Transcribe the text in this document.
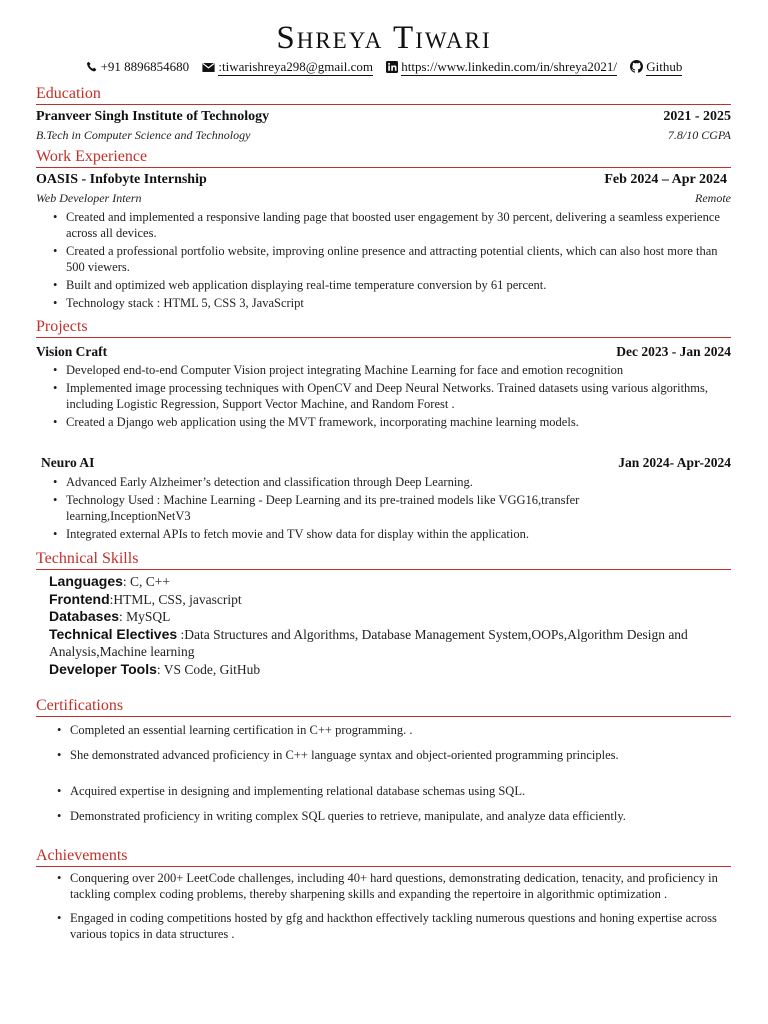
Shreya Tiwari
+91 8896854680 :tiwarishreya298@gmail.com https://www.linkedin.com/in/shreya2021/ Github
Education
Pranveer Singh Institute of Technology	2021 - 2025
B.Tech in Computer Science and Technology	7.8/10 CGPA
Work Experience
OASIS - Infobyte Internship	Feb 2024 – Apr 2024
Web Developer Intern	Remote
• Created and implemented a responsive landing page that boosted user engagement by 30 percent, delivering a seamless experience across all devices.
• Created a professional portfolio website, improving online presence and attracting potential clients, which can also host more than 500 viewers.
• Built and optimized web application displaying real-time temperature conversion by 61 percent.
• Technology stack : HTML 5, CSS 3, JavaScript
Projects
Vision Craft	Dec 2023 - Jan 2024
• Developed end-to-end Computer Vision project integrating Machine Learning for face and emotion recognition
• Implemented image processing techniques with OpenCV and Deep Neural Networks. Trained datasets using various algorithms, including Logistic Regression, Support Vector Machine, and Random Forest .
• Created a Django web application using the MVT framework, incorporating machine learning models.
Neuro AI	Jan 2024- Apr-2024
• Advanced Early Alzheimer’s detection and classification through Deep Learning.
• Technology Used : Machine Learning - Deep Learning and its pre-trained models like VGG16,transfer learning,InceptionNetV3
• Integrated external APIs to fetch movie and TV show data for display within the application.
Technical Skills
Languages: C, C++
Frontend:HTML, CSS, javascript
Databases: MySQL
Technical Electives :Data Structures and Algorithms, Database Management System,OOPs,Algorithm Design and Analysis,Machine learning
Developer Tools: VS Code, GitHub
Certifications
• Completed an essential learning certification in C++ programming. .
• She demonstrated advanced proficiency in C++ language syntax and object-oriented programming principles.
• Acquired expertise in designing and implementing relational database schemas using SQL.
• Demonstrated proficiency in writing complex SQL queries to retrieve, manipulate, and analyze data efficiently.
Achievements
• Conquering over 200+ LeetCode challenges, including 40+ hard questions, demonstrating dedication, tenacity, and proficiency in tackling complex coding problems, thereby sharpening skills and expanding the repertoire in algorithmic optimization .
• Engaged in coding competitions hosted by gfg and hackthon effectively tackling numerous questions and honing expertise across various topics in data structures .
